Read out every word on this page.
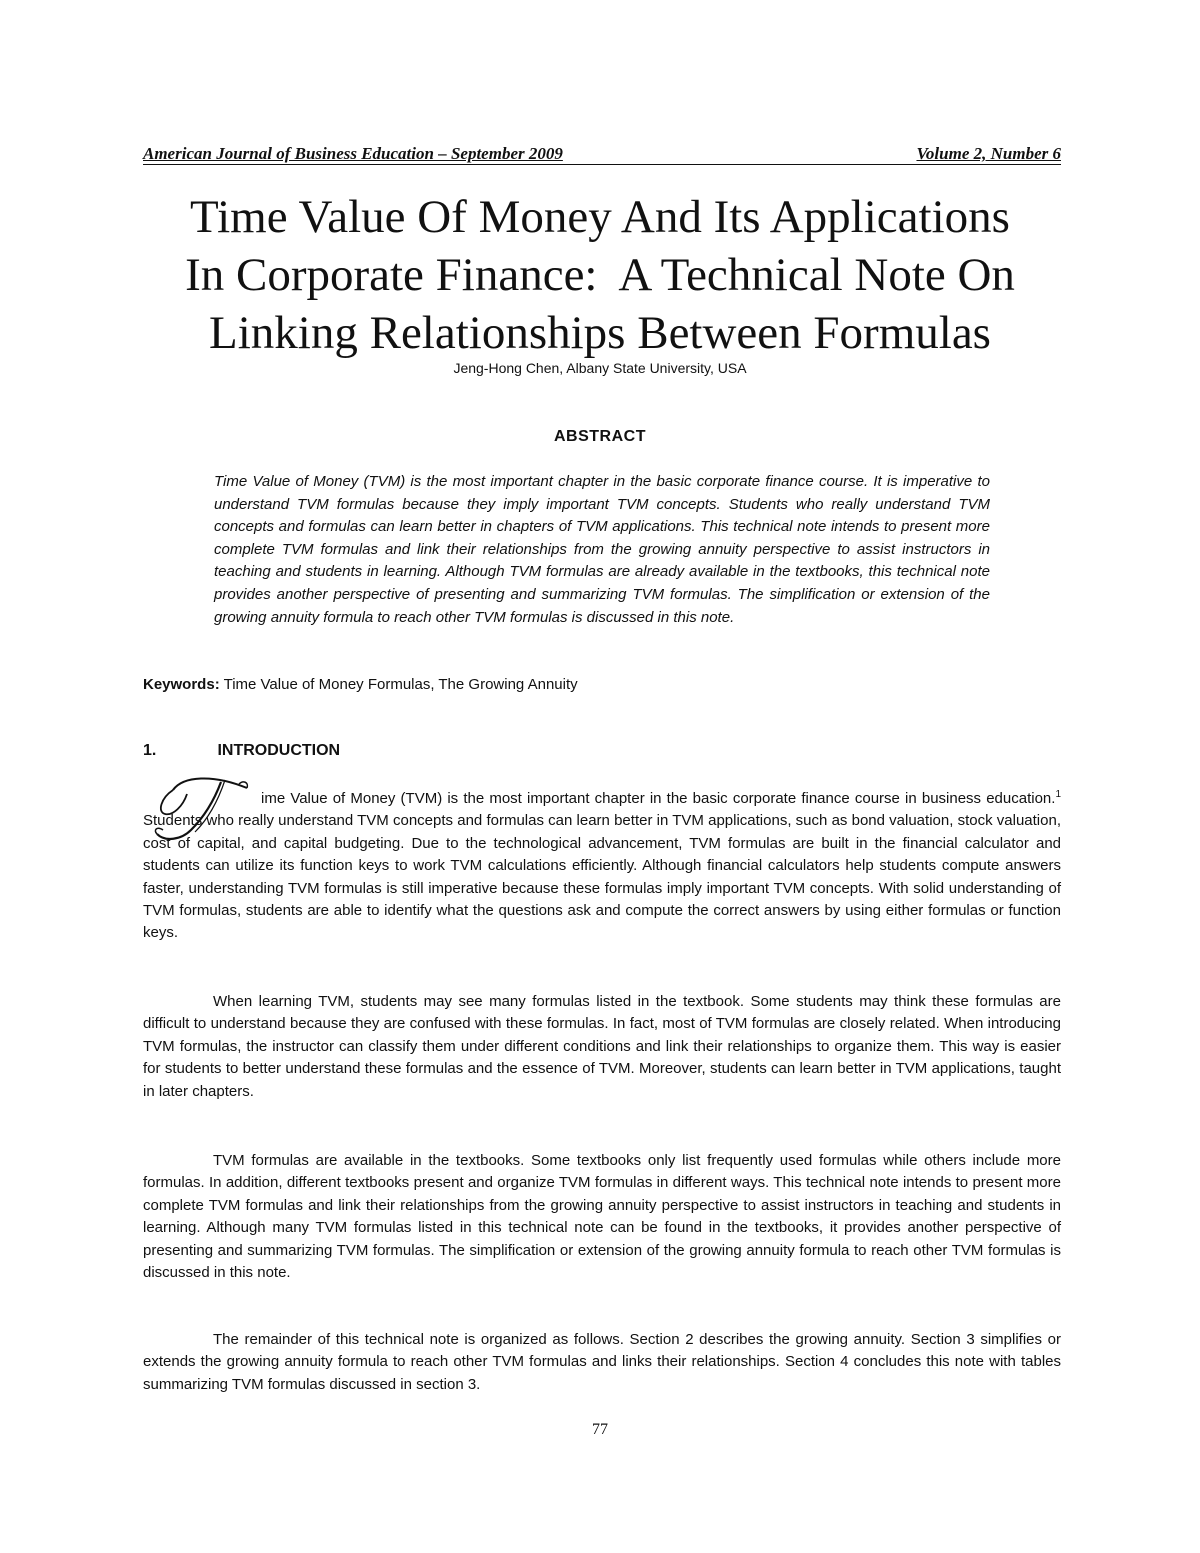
American Journal of Business Education – September 2009	Volume 2, Number 6
Time Value Of Money And Its Applications
In Corporate Finance:  A Technical Note On
Linking Relationships Between Formulas
Jeng-Hong Chen, Albany State University, USA
ABSTRACT

Time Value of Money (TVM) is the most important chapter in the basic corporate finance course. It is imperative to understand TVM formulas because they imply important TVM concepts. Students who really understand TVM concepts and formulas can learn better in chapters of TVM applications. This technical note intends to present more complete TVM formulas and link their relationships from the growing annuity perspective to assist instructors in teaching and students in learning. Although TVM formulas are already available in the textbooks, this technical note provides another perspective of presenting and summarizing TVM formulas. The simplification or extension of the growing annuity formula to reach other TVM formulas is discussed in this note.

Keywords: Time Value of Money Formulas, The Growing Annuity
1.	INTRODUCTION

ime Value of Money (TVM) is the most important chapter in the basic corporate finance course in business education.$^1$ Students who really understand TVM concepts and formulas can learn better in TVM applications, such as bond valuation, stock valuation, cost of capital, and capital budgeting. Due to the technological advancement, TVM formulas are built in the financial calculator and students can utilize its function keys to work TVM calculations efficiently. Although financial calculators help students compute answers faster, understanding TVM formulas is still imperative because these formulas imply important TVM concepts. With solid understanding of TVM formulas, students are able to identify what the questions ask and compute the correct answers by using either formulas or function keys.

When learning TVM, students may see many formulas listed in the textbook. Some students may think these formulas are difficult to understand because they are confused with these formulas. In fact, most of TVM formulas are closely related. When introducing TVM formulas, the instructor can classify them under different conditions and link their relationships to organize them. This way is easier for students to better understand these formulas and the essence of TVM. Moreover, students can learn better in TVM applications, taught in later chapters.

TVM formulas are available in the textbooks. Some textbooks only list frequently used formulas while others include more formulas. In addition, different textbooks present and organize TVM formulas in different ways. This technical note intends to present more complete TVM formulas and link their relationships from the growing annuity perspective to assist instructors in teaching and students in learning. Although many TVM formulas listed in this technical note can be found in the textbooks, it provides another perspective of presenting and summarizing TVM formulas. The simplification or extension of the growing annuity formula to reach other TVM formulas is discussed in this note.

The remainder of this technical note is organized as follows. Section 2 describes the growing annuity. Section 3 simplifies or extends the growing annuity formula to reach other TVM formulas and links their relationships. Section 4 concludes this note with tables summarizing TVM formulas discussed in section 3.

77
